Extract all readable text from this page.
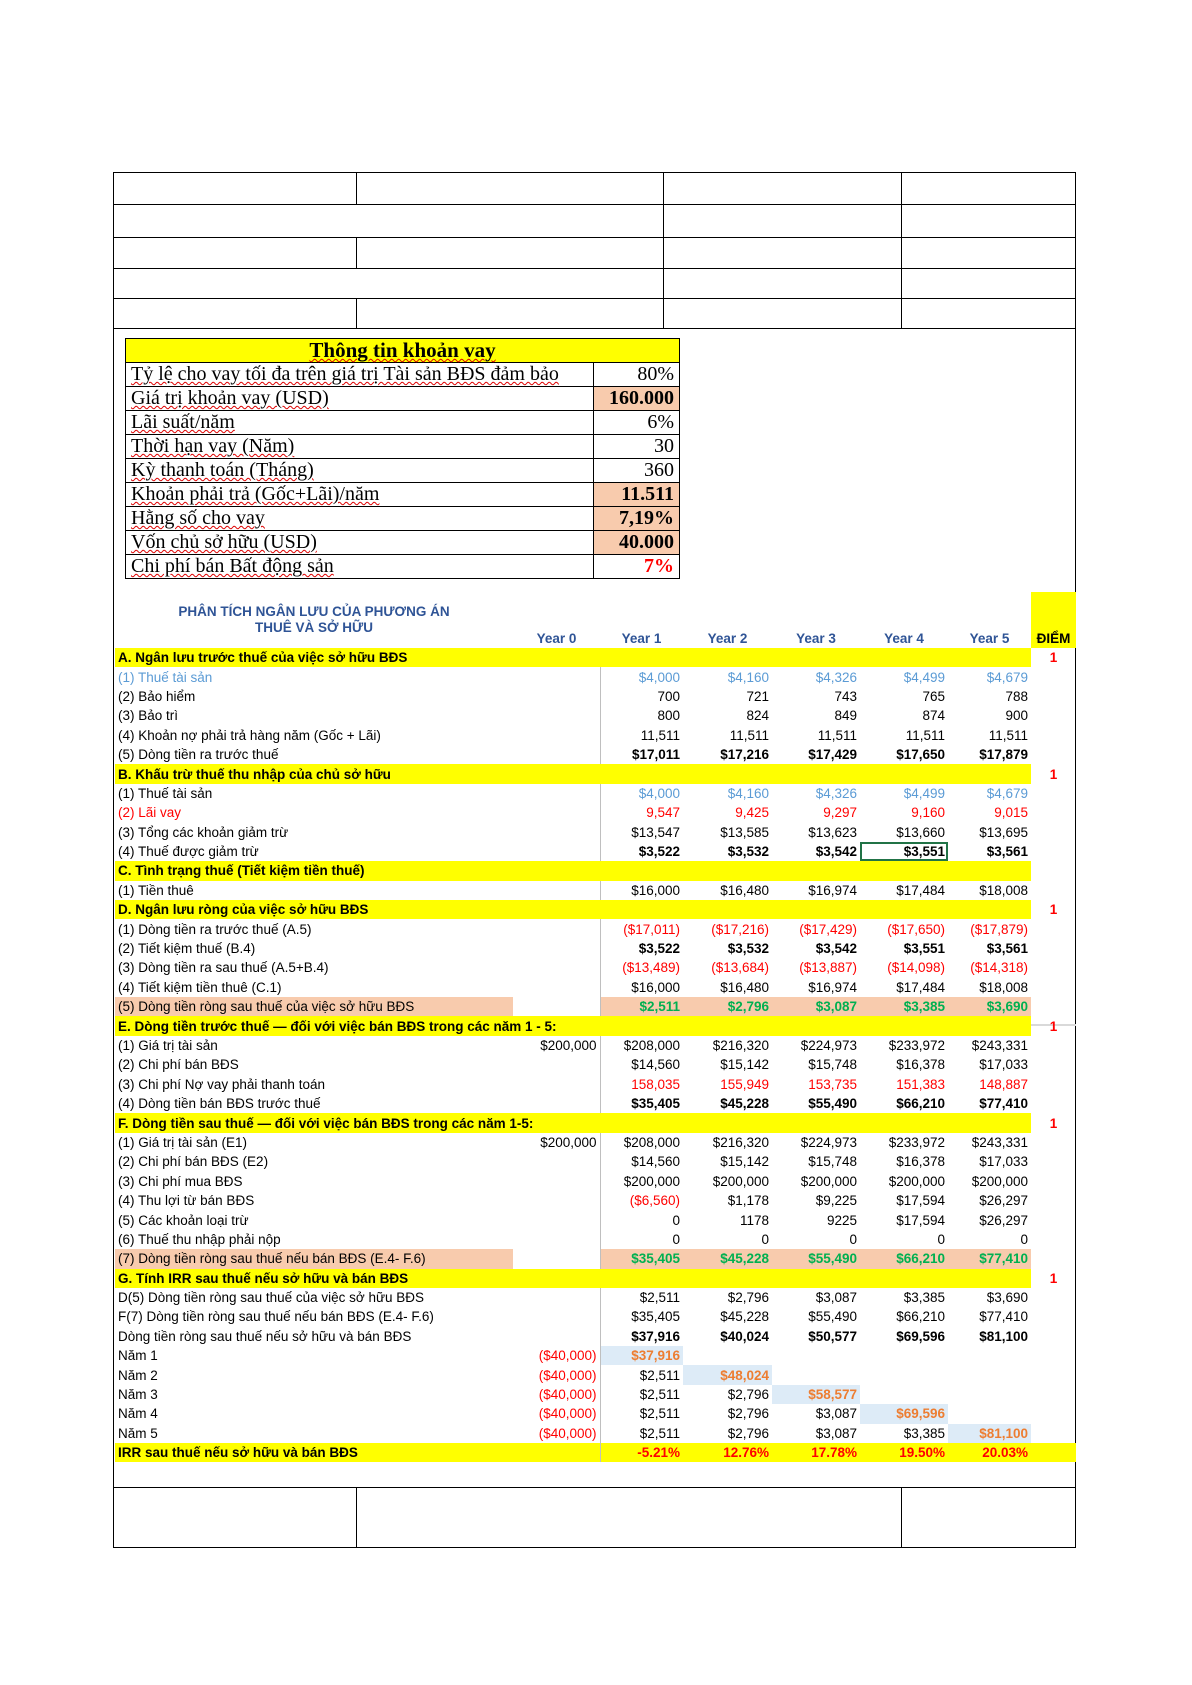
Thông tin khoản vay	
Tỷ lệ cho vay tối đa trên giá trị Tài sản BĐS đảm bảo	80%
Giá trị khoản vay (USD)	160.000
Lãi suất/năm	6%
Thời hạn vay (Năm)	30
Kỳ thanh toán (Tháng)	360
Khoản phải trả (Gốc+Lãi)/năm	11.511
Hằng số cho vay	7,19%
Vốn chủ sở hữu (USD)	40.000
Chi phí bán Bất động sản	7%
PHÂN TÍCH NGÂN LƯU CỦA PHƯƠNG ÁN
THUÊ VÀ SỞ HỮU	Year 0	Year 1	Year 2	Year 3	Year 4	Year 5	ĐIỂM
A. Ngân lưu trước thuế của việc sở hữu BĐS							1
(1) Thuế tài sản		$4,000	$4,160	$4,326	$4,499	$4,679	
(2) Bảo hiểm		700	721	743	765	788	
(3) Bảo trì		800	824	849	874	900	
(4) Khoản nợ phải trả hàng năm (Gốc + Lãi)		11,511	11,511	11,511	11,511	11,511	
(5) Dòng tiền ra trước thuế		$17,011	$17,216	$17,429	$17,650	$17,879	
B. Khấu trừ thuế thu nhập của chủ sở hữu							1
(1) Thuế tài sản		$4,000	$4,160	$4,326	$4,499	$4,679	
(2) Lãi vay		9,547	9,425	9,297	9,160	9,015	
(3) Tổng các khoản giảm trừ		$13,547	$13,585	$13,623	$13,660	$13,695	
(4) Thuế được giảm trừ		$3,522	$3,532	$3,542	$3,551	$3,561	
C. Tình trạng thuế (Tiết kiệm tiền thuế)							
(1) Tiền thuê		$16,000	$16,480	$16,974	$17,484	$18,008	
D. Ngân lưu ròng của việc sở hữu BĐS							1
(1) Dòng tiền ra trước thuế (A.5)		($17,011)	($17,216)	($17,429)	($17,650)	($17,879)	
(2) Tiết kiệm thuế (B.4)		$3,522	$3,532	$3,542	$3,551	$3,561	
(3) Dòng tiền ra sau thuế (A.5+B.4)		($13,489)	($13,684)	($13,887)	($14,098)	($14,318)	
(4) Tiết kiệm tiền thuê (C.1)		$16,000	$16,480	$16,974	$17,484	$18,008	
(5) Dòng tiền ròng sau thuế của việc sở hữu BĐS		$2,511	$2,796	$3,087	$3,385	$3,690	
E. Dòng tiền trước thuế — đối với việc bán BĐS trong các năm 1 - 5:							1
(1) Giá trị tài sản	$200,000	$208,000	$216,320	$224,973	$233,972	$243,331	
(2) Chi phí bán BĐS		$14,560	$15,142	$15,748	$16,378	$17,033	
(3) Chi phí Nợ vay phải thanh toán		158,035	155,949	153,735	151,383	148,887	
(4) Dòng tiền bán BĐS trước thuế		$35,405	$45,228	$55,490	$66,210	$77,410	
F. Dòng tiền sau thuế — đối với việc bán BĐS trong các năm 1-5:							1
(1) Giá trị tài sản (E1)	$200,000	$208,000	$216,320	$224,973	$233,972	$243,331	
(2) Chi phí bán BĐS (E2)		$14,560	$15,142	$15,748	$16,378	$17,033	
(3) Chi phí mua BĐS		$200,000	$200,000	$200,000	$200,000	$200,000	
(4) Thu lợi từ bán BĐS		($6,560)	$1,178	$9,225	$17,594	$26,297	
(5) Các khoản loại trừ		0	1178	9225	$17,594	$26,297	
(6) Thuế thu nhập phải nộp		0	0	0	0	0	
(7) Dòng tiền ròng sau thuế nếu bán BĐS (E.4- F.6)		$35,405	$45,228	$55,490	$66,210	$77,410	
G. Tính IRR sau thuế nếu sở hữu và bán BĐS							1
D(5) Dòng tiền ròng sau thuế của việc sở hữu BĐS		$2,511	$2,796	$3,087	$3,385	$3,690	
F(7) Dòng tiền ròng sau thuế nếu bán BĐS (E.4- F.6)		$35,405	$45,228	$55,490	$66,210	$77,410	
Dòng tiền ròng sau thuế nếu sở hữu và bán BĐS		$37,916	$40,024	$50,577	$69,596	$81,100	
Năm 1	($40,000)	$37,916					
Năm 2	($40,000)	$2,511	$48,024				
Năm 3	($40,000)	$2,511	$2,796	$58,577			
Năm 4	($40,000)	$2,511	$2,796	$3,087	$69,596		
Năm 5	($40,000)	$2,511	$2,796	$3,087	$3,385	$81,100	
IRR sau thuế nếu sở hữu và bán BĐS		-5.21%	12.76%	17.78%	19.50%	20.03%	
